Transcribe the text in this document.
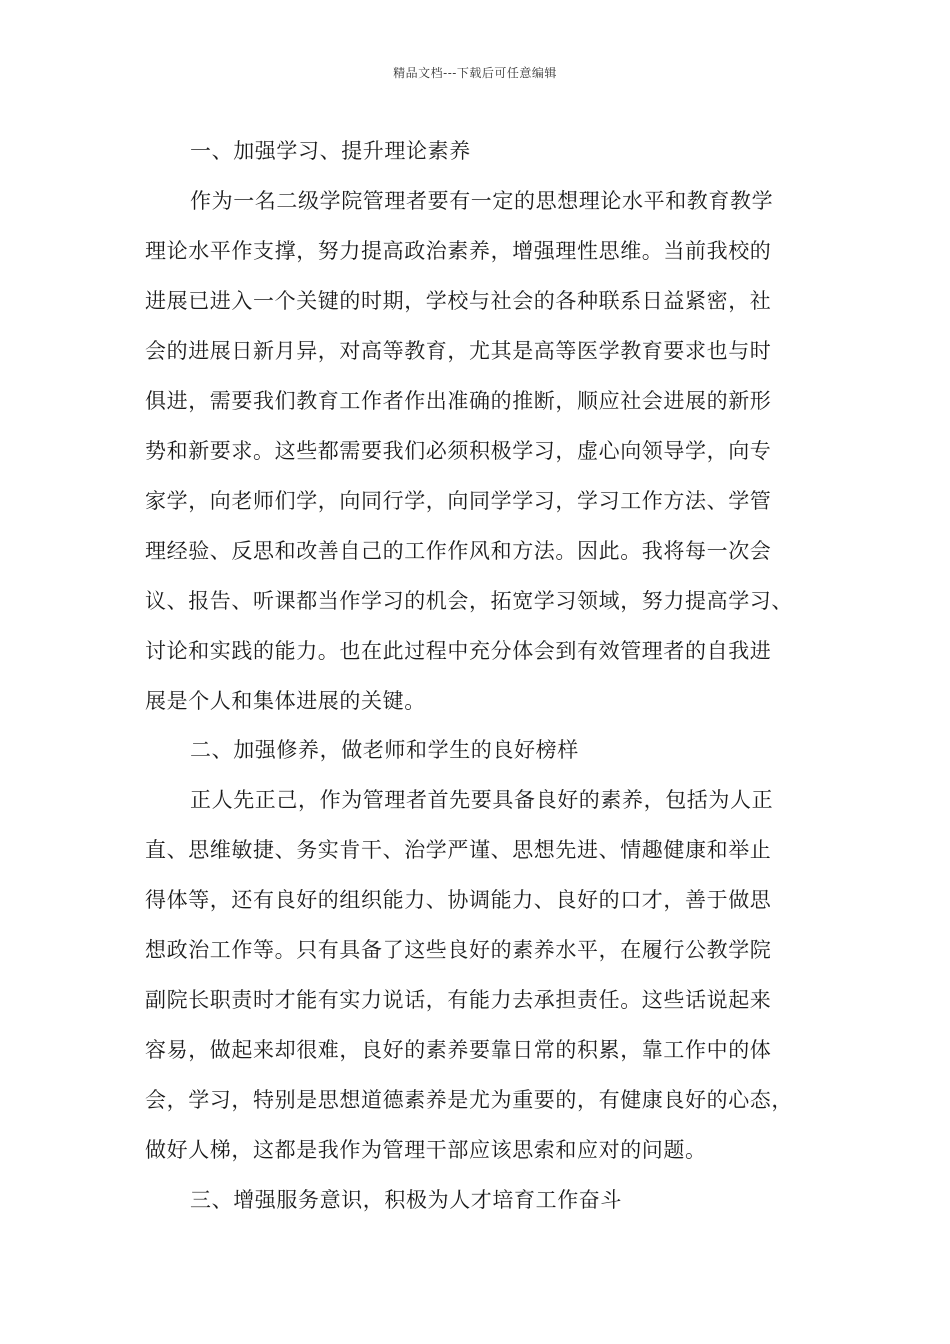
精品文档---下载后可任意编辑
一、加强学习、提升理论素养
作为一名二级学院管理者要有一定的思想理论水平和教育教学
理论水平作支撑，努力提高政治素养，增强理性思维。当前我校的
进展已进入一个关键的时期，学校与社会的各种联系日益紧密，社
会的进展日新月异，对高等教育，尤其是高等医学教育要求也与时
俱进，需要我们教育工作者作出准确的推断，顺应社会进展的新形
势和新要求。这些都需要我们必须积极学习，虚心向领导学，向专
家学，向老师们学，向同行学，向同学学习，学习工作方法、学管
理经验、反思和改善自己的工作作风和方法。因此。我将每一次会
议、报告、听课都当作学习的机会，拓宽学习领域，努力提高学习、
讨论和实践的能力。也在此过程中充分体会到有效管理者的自我进
展是个人和集体进展的关键。
二、加强修养，做老师和学生的良好榜样
正人先正己，作为管理者首先要具备良好的素养，包括为人正
直、思维敏捷、务实肯干、治学严谨、思想先进、情趣健康和举止
得体等，还有良好的组织能力、协调能力、良好的口才，善于做思
想政治工作等。只有具备了这些良好的素养水平，在履行公教学院
副院长职责时才能有实力说话，有能力去承担责任。这些话说起来
容易，做起来却很难，良好的素养要靠日常的积累，靠工作中的体
会，学习，特别是思想道德素养是尤为重要的，有健康良好的心态，
做好人梯，这都是我作为管理干部应该思索和应对的问题。
三、增强服务意识，积极为人才培育工作奋斗
